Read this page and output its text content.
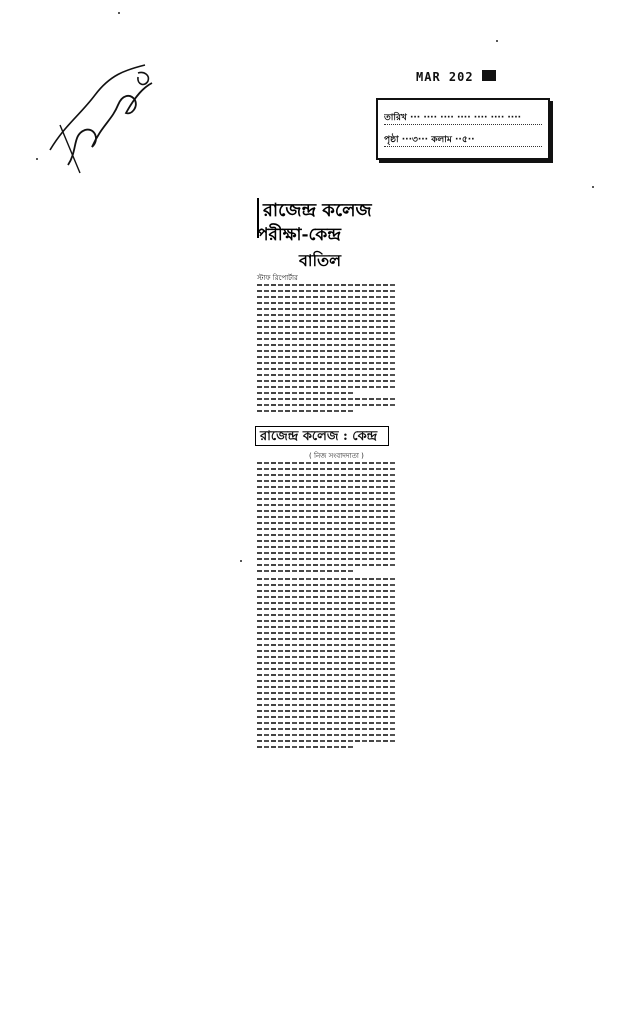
MAR 202
তারিখ ··· ···· ···· ···· ···· ···· ····
পৃষ্ঠা ···৩··· কলাম ··৫··
রাজেন্দ্র কলেজ
পরীক্ষা-কেন্দ্র
বাতিল
স্টাফ রিপোর্টার
রাজেন্দ্র কলেজ : কেন্দ্র
( নিজ সংবাদদাতা )
